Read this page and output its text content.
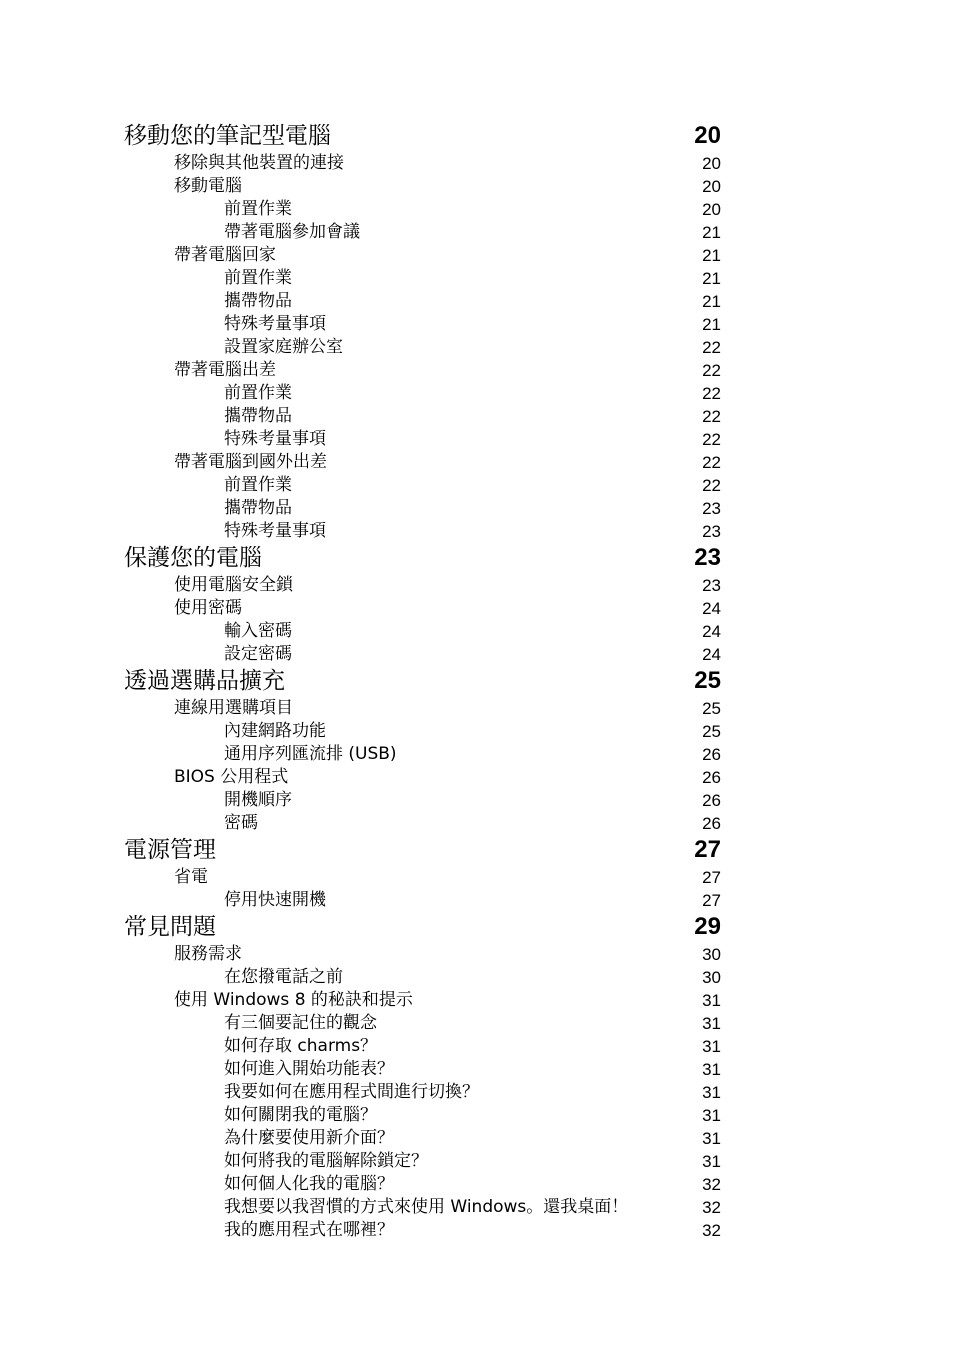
移動您的筆記型電腦	20
移除與其他裝置的連接	20
移動電腦	20
前置作業	20
帶著電腦參加會議	21
帶著電腦回家	21
前置作業	21
攜帶物品	21
特殊考量事項	21
設置家庭辦公室	22
帶著電腦出差	22
前置作業	22
攜帶物品	22
特殊考量事項	22
帶著電腦到國外出差	22
前置作業	22
攜帶物品	23
特殊考量事項	23
保護您的電腦	23
使用電腦安全鎖	23
使用密碼	24
輸入密碼	24
設定密碼	24
透過選購品擴充	25
連線用選購項目	25
內建網路功能	25
通用序列匯流排 (USB)	26
BIOS 公用程式	26
開機順序	26
密碼	26
電源管理	27
省電	27
停用快速開機	27
常見問題	29
服務需求	30
在您撥電話之前	30
使用 Windows 8 的秘訣和提示	31
有三個要記住的觀念	31
如何存取 charms？	31
如何進入開始功能表？	31
我要如何在應用程式間進行切換？	31
如何關閉我的電腦？	31
為什麼要使用新介面？	31
如何將我的電腦解除鎖定？	31
如何個人化我的電腦？	32
我想要以我習慣的方式來使用 Windows。還我桌面！	32
我的應用程式在哪裡？	32
